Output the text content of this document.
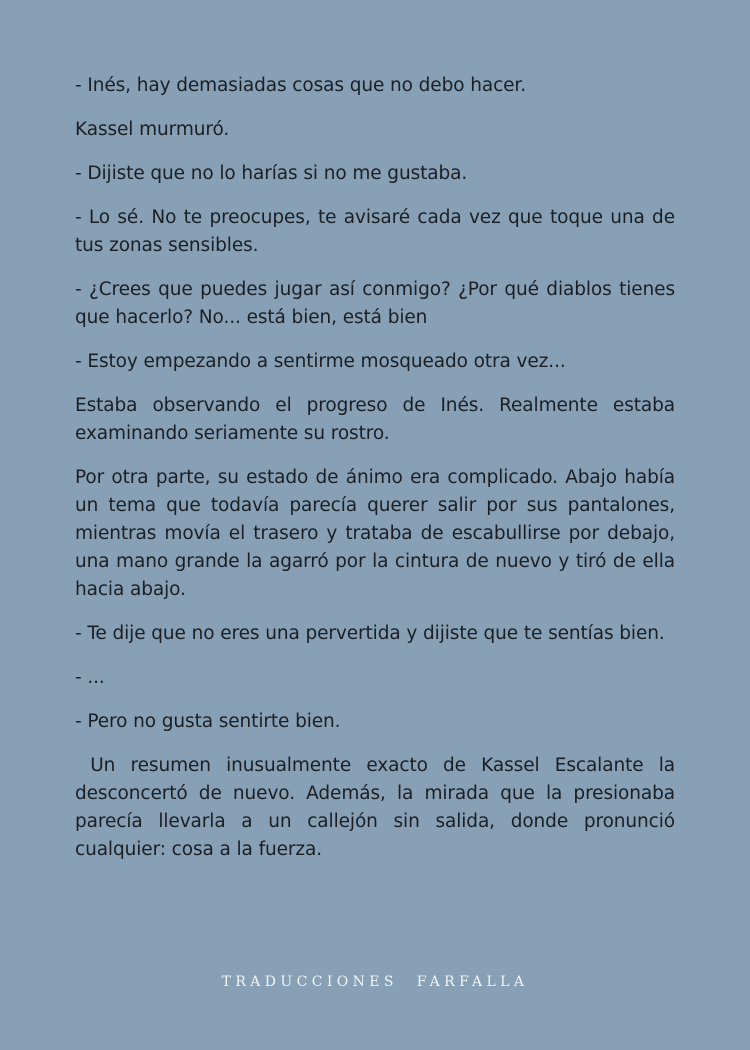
- Inés, hay demasiadas cosas que no debo hacer.

Kassel murmuró.

- Dijiste que no lo harías si no me gustaba.

- Lo sé. No te preocupes, te avisaré cada vez que toque una de tus zonas sensibles.

- ¿Crees que puedes jugar así conmigo? ¿Por qué diablos tienes que hacerlo? No... está bien, está bien

- Estoy empezando a sentirme mosqueado otra vez...

Estaba observando el progreso de Inés. Realmente estaba examinando seriamente su rostro.

Por otra parte, su estado de ánimo era complicado. Abajo había un tema que todavía parecía querer salir por sus pantalones, mientras movía el trasero y trataba de escabullirse por debajo, una mano grande la agarró por la cintura de nuevo y tiró de ella hacia abajo.

- Te dije que no eres una pervertida y dijiste que te sentías bien.

- ...

- Pero no gusta sentirte bien.

Un resumen inusualmente exacto de Kassel Escalante la desconcertó de nuevo. Además, la mirada que la presionaba parecía llevarla a un callejón sin salida, donde pronunció cualquier: cosa a la fuerza.

TRADUCCIONES FARFALLA
